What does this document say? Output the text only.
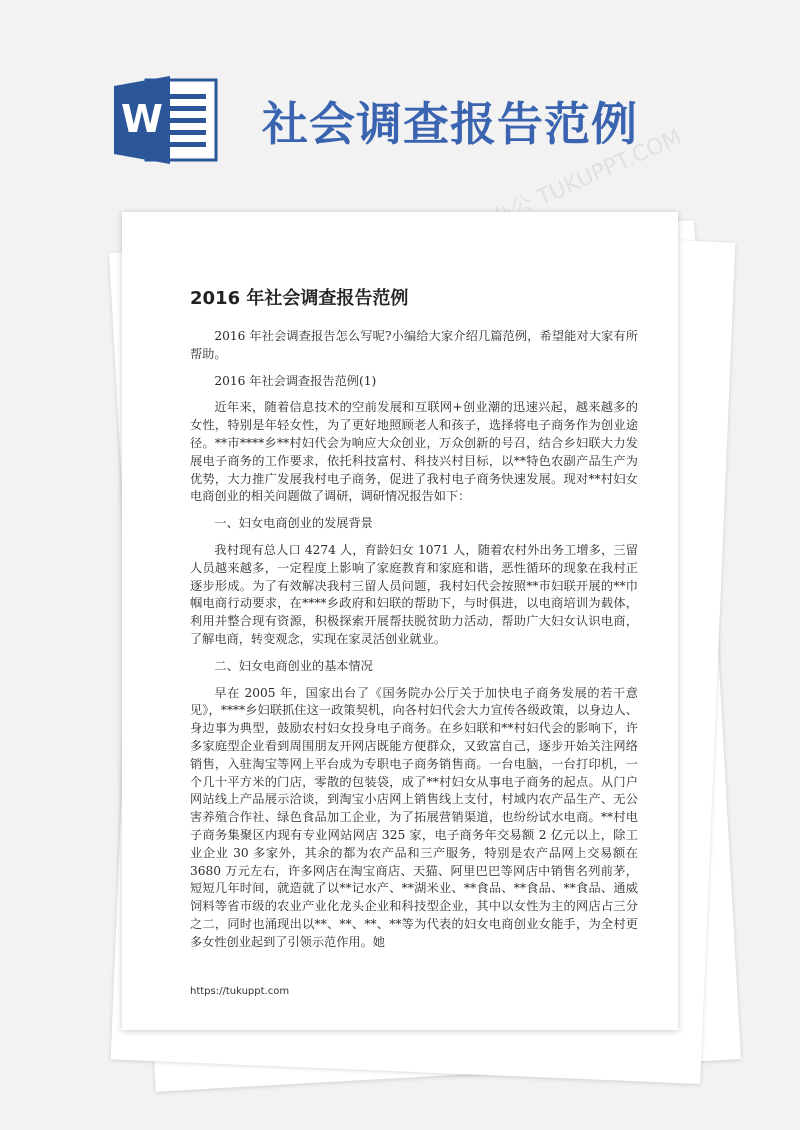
W 社会调查报告范例
熊猫办公 TUKUPPT.COM
2016 年社会调查报告范例

2016 年社会调查报告怎么写呢?小编给大家介绍几篇范例，希望能对大家有所帮助。

2016 年社会调查报告范例(1)

近年来，随着信息技术的空前发展和互联网+创业潮的迅速兴起，越来越多的女性，特别是年轻女性，为了更好地照顾老人和孩子，选择将电子商务作为创业途径。**市****乡**村妇代会为响应大众创业，万众创新的号召，结合乡妇联大力发展电子商务的工作要求，依托科技富村、科技兴村目标，以**特色农副产品生产为优势，大力推广发展我村电子商务，促进了我村电子商务快速发展。现对**村妇女电商创业的相关问题做了调研，调研情况报告如下：

一、妇女电商创业的发展背景

我村现有总人口 4274 人，育龄妇女 1071 人，随着农村外出务工增多，三留人员越来越多，一定程度上影响了家庭教育和家庭和谐，恶性循环的现象在我村正逐步形成。为了有效解决我村三留人员问题，我村妇代会按照**市妇联开展的**巾帼电商行动要求，在****乡政府和妇联的帮助下，与时俱进，以电商培训为载体，利用并整合现有资源，积极探索开展帮扶脱贫助力活动，帮助广大妇女认识电商，了解电商，转变观念，实现在家灵活创业就业。

二、妇女电商创业的基本情况

早在 2005 年，国家出台了《国务院办公厅关于加快电子商务发展的若干意见》，****乡妇联抓住这一政策契机，向各村妇代会大力宣传各级政策，以身边人、身边事为典型，鼓励农村妇女投身电子商务。在乡妇联和**村妇代会的影响下，许多家庭型企业看到周围朋友开网店既能方便群众，又致富自己，逐步开始关注网络销售，入驻淘宝等网上平台成为专职电子商务销售商。一台电脑，一台打印机，一个几十平方米的门店，零散的包装袋，成了**村妇女从事电子商务的起点。从门户网站线上产品展示洽谈，到淘宝小店网上销售线上支付，村域内农产品生产、无公害养殖合作社、绿色食品加工企业，为了拓展营销渠道，也纷纷试水电商。**村电子商务集聚区内现有专业网站网店 325 家，电子商务年交易额 2 亿元以上，除工业企业 30 多家外，其余的都为农产品和三产服务，特别是农产品网上交易额在 3680 万元左右，许多网店在淘宝商店、天猫、阿里巴巴等网店中销售名列前茅，短短几年时间，就造就了以**记水产、**湖米业、**食品、**食品、**食品、通威饲料等省市级的农业产业化龙头企业和科技型企业，其中以女性为主的网店占三分之二，同时也涌现出以**、**、**、**等为代表的妇女电商创业女能手，为全村更多女性创业起到了引领示范作用。她

https://tukuppt.com
